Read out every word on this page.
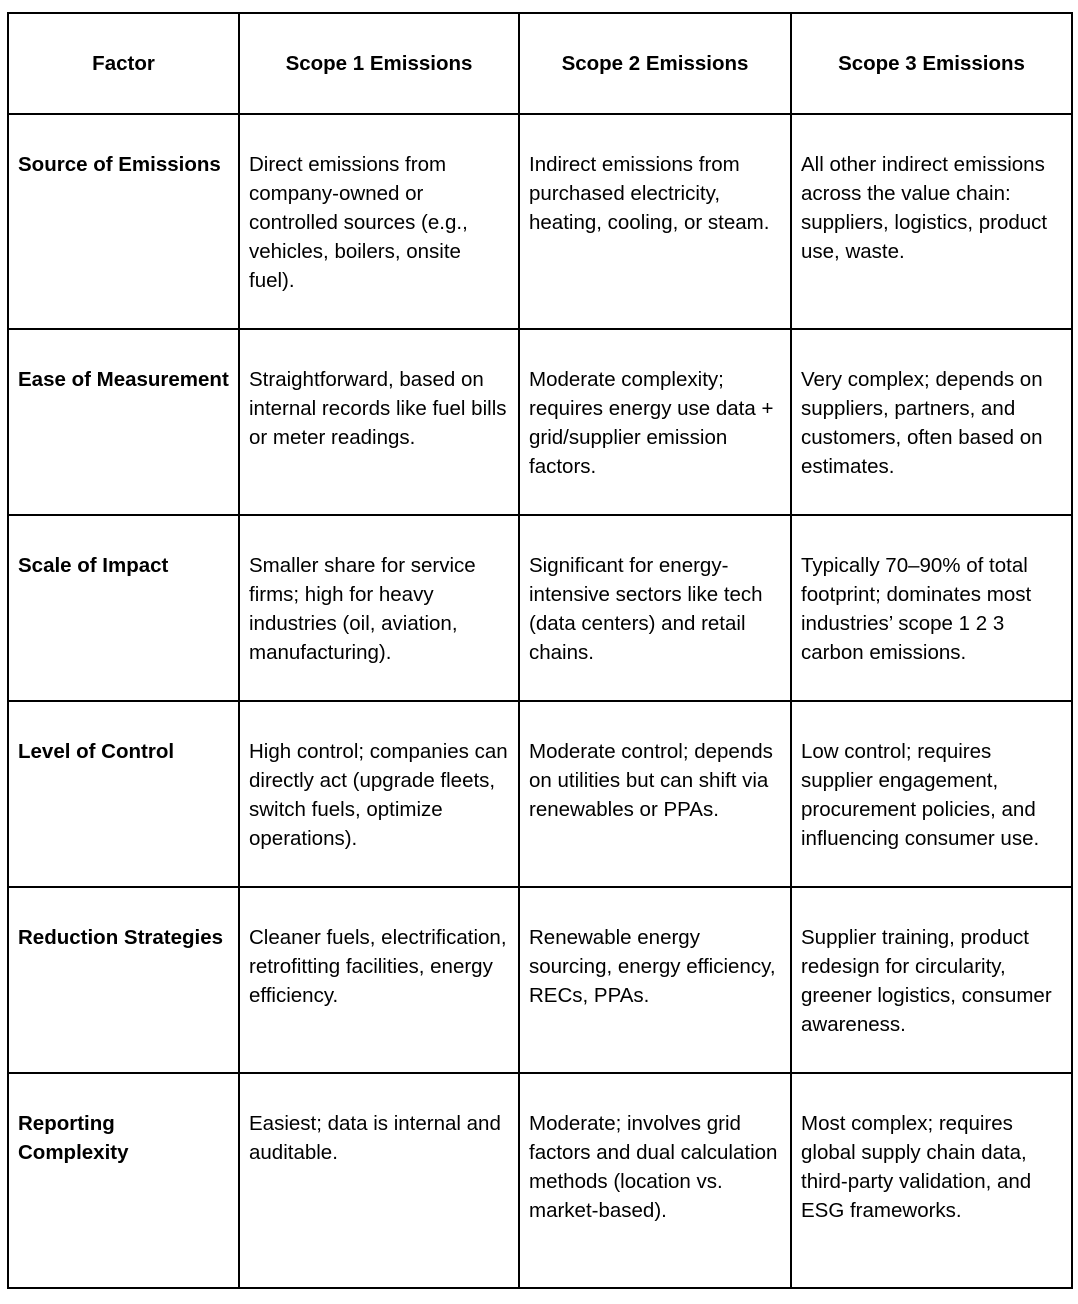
Factor	Scope 1 Emissions	Scope 2 Emissions	Scope 3 Emissions
Source of Emissions	Direct emissions from company-owned or controlled sources (e.g., vehicles, boilers, onsite fuel).	Indirect emissions from purchased electricity, heating, cooling, or steam.	All other indirect emissions across the value chain: suppliers, logistics, product use, waste.
Ease of Measurement	Straightforward, based on internal records like fuel bills or meter readings.	Moderate complexity; requires energy use data + grid/supplier emission factors.	Very complex; depends on suppliers, partners, and customers, often based on estimates.
Scale of Impact	Smaller share for service firms; high for heavy industries (oil, aviation, manufacturing).	Significant for energy-intensive sectors like tech (data centers) and retail chains.	Typically 70–90% of total footprint; dominates most industries’ scope 1 2 3 carbon emissions.
Level of Control	High control; companies can directly act (upgrade fleets, switch fuels, optimize operations).	Moderate control; depends on utilities but can shift via renewables or PPAs.	Low control; requires supplier engagement, procurement policies, and influencing consumer use.
Reduction Strategies	Cleaner fuels, electrification, retrofitting facilities, energy efficiency.	Renewable energy sourcing, energy efficiency, RECs, PPAs.	Supplier training, product redesign for circularity, greener logistics, consumer awareness.
Reporting Complexity	Easiest; data is internal and auditable.	Moderate; involves grid factors and dual calculation methods (location vs. market-based).	Most complex; requires global supply chain data, third-party validation, and ESG frameworks.
